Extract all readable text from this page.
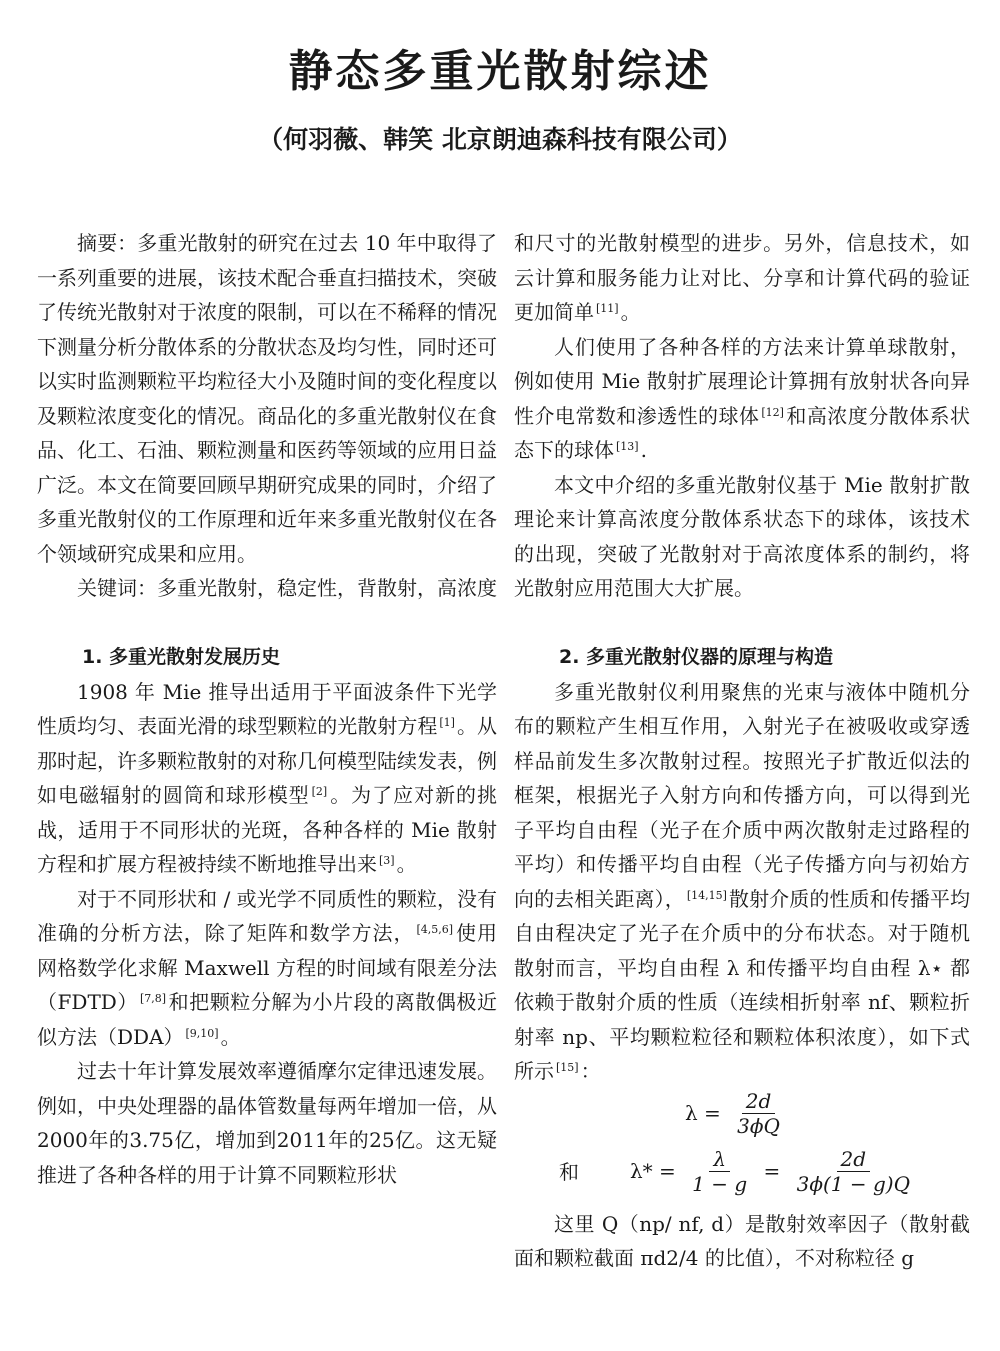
静态多重光散射综述
（何羽薇、韩笑 北京朗迪森科技有限公司）

摘要：多重光散射的研究在过去 10 年中取得了一系列重要的进展，该技术配合垂直扫描技术，突破了传统光散射对于浓度的限制，可以在不稀释的情况下测量分析分散体系的分散状态及均匀性，同时还可以实时监测颗粒平均粒径大小及随时间的变化程度以及颗粒浓度变化的情况。商品化的多重光散射仪在食品、化工、石油、颗粒测量和医药等领域的应用日益广泛。本文在简要回顾早期研究成果的同时，介绍了多重光散射仪的工作原理和近年来多重光散射仪在各个领域研究成果和应用。

关键词：多重光散射，稳定性，背散射，高浓度

1. 多重光散射发展历史

1908 年 Mie 推导出适用于平面波条件下光学性质均匀、表面光滑的球型颗粒的光散射方程 [1] 。从那时起，许多颗粒散射的对称几何模型陆续发表，例如电磁辐射的圆筒和球形模型 [2] 。为了应对新的挑战，适用于不同形状的光斑，各种各样的 Mie 散射方程和扩展方程被持续不断地推导出来 [3] 。

对于不同形状和 / 或光学不同质性的颗粒，没有准确的分析方法，除了矩阵和数学方法， [4,5,6] 使用网格数学化求解 Maxwell 方程的时间域有限差分法（FDTD） [7,8] 和把颗粒分解为小片段的离散偶极近似方法（DDA） [9,10] 。

过去十年计算发展效率遵循摩尔定律迅速发展。例如，中央处理器的晶体管数量每两年增加一倍，从2000年的3.75亿，增加到2011年的25亿。这无疑推进了各种各样的用于计算不同颗粒形状

和尺寸的光散射模型的进步。另外，信息技术，如云计算和服务能力让对比、分享和计算代码的验证更加简单 [11] 。

人们使用了各种各样的方法来计算单球散射，例如使用 Mie 散射扩展理论计算拥有放射状各向异性介电常数和渗透性的球体 [12] 和高浓度分散体系状态下的球体 [13] .

本文中介绍的多重光散射仪基于 Mie 散射扩散理论来计算高浓度分散体系状态下的球体，该技术的出现，突破了光散射对于高浓度体系的制约，将光散射应用范围大大扩展。

2. 多重光散射仪器的原理与构造

多重光散射仪利用聚焦的光束与液体中随机分布的颗粒产生相互作用，入射光子在被吸收或穿透样品前发生多次散射过程。按照光子扩散近似法的框架，根据光子入射方向和传播方向，可以得到光子平均自由程（光子在介质中两次散射走过路程的平均）和传播平均自由程（光子传播方向与初始方向的去相关距离）， [14,15] 散射介质的性质和传播平均自由程决定了光子在介质中的分布状态。对于随机散射而言，平均自由程 λ 和传播平均自由程 λ⋆ 都依赖于散射介质的性质（连续相折射率 nf、颗粒折射率 np、平均颗粒粒径和颗粒体积浓度），如下式所示 [15] ：

$\lambda = \frac{2d}{3\phi Q}$
和	$\lambda* = \frac{\lambda}{1 - g} = \frac{2d}{3\phi(1 - g)Q}$

这里 Q（np/ nf, d）是散射效率因子（散射截面和颗粒截面 πd2/4 的比值），不对称粒径 g
